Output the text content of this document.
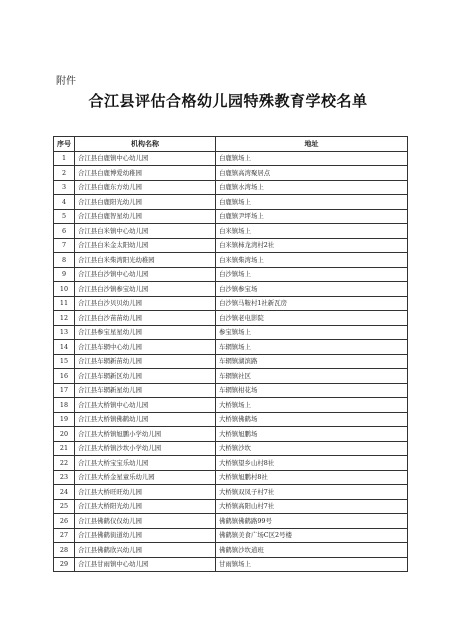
附件
合江县评估合格幼儿园特殊教育学校名单
序号	机构名称	地址
1	合江县白鹿镇中心幼儿园	白鹿镇场上
2	合江县白鹿博爱幼稚园	白鹿镇高湾聚居点
3	合江县白鹿东方幼儿园	白鹿镇水湾场上
4	合江县白鹿阳光幼儿园	白鹿镇场上
5	合江县白鹿智星幼儿园	白鹿镇尹坪场上
6	合江县白米镇中心幼儿园	白米镇场上
7	合江县白米金太阳幼儿园	白米镇柿龙湾村2社
8	合江县白米柴湾阳光幼稚园	白米镇柴湾场上
9	合江县白沙镇中心幼儿园	白沙镇场上
10	合江县白沙镇参宝幼儿园	白沙镇参宝场
11	合江县白沙贝贝幼儿园	白沙镇马鞍村1社新瓦房
12	合江县白沙苗苗幼儿园	白沙镇老电影院
13	合江县参宝星星幼儿园	参宝镇场上
14	合江县车辋中心幼儿园	车辋镇场上
15	合江县车辋新苗幼儿园	车辋镇湖滨路
16	合江县车辋新区幼儿园	车辋镇社区
17	合江县车辋新星幼儿园	车辋镇柑花场
18	合江县大桥镇中心幼儿园	大桥镇场上
19	合江县大桥镇佛鹤幼儿园	大桥镇佛鹤场
20	合江县大桥镇旭鹏小学幼儿园	大桥镇旭鹏场
21	合江县大桥镇沙坎小学幼儿园	大桥镇沙坎
22	合江县大桥宝宝乐幼儿园	大桥镇望乡山村8社
23	合江县大桥金星童乐幼儿园	大桥镇旭鹏村8社
24	合江县大桥旺旺幼儿园	大桥镇双凤子村7社
25	合江县大桥阳光幼儿园	大桥镇高阳山村7社
26	合江县佛鹤仅仅幼儿园	佛鹤镇佛鹤路99号
27	合江县佛鹤街道幼儿园	佛鹤镇美食广场C区2号楼
28	合江县佛鹤欣兴幼儿园	佛鹤镇沙坎道班
29	合江县甘雨镇中心幼儿园	甘雨镇场上
